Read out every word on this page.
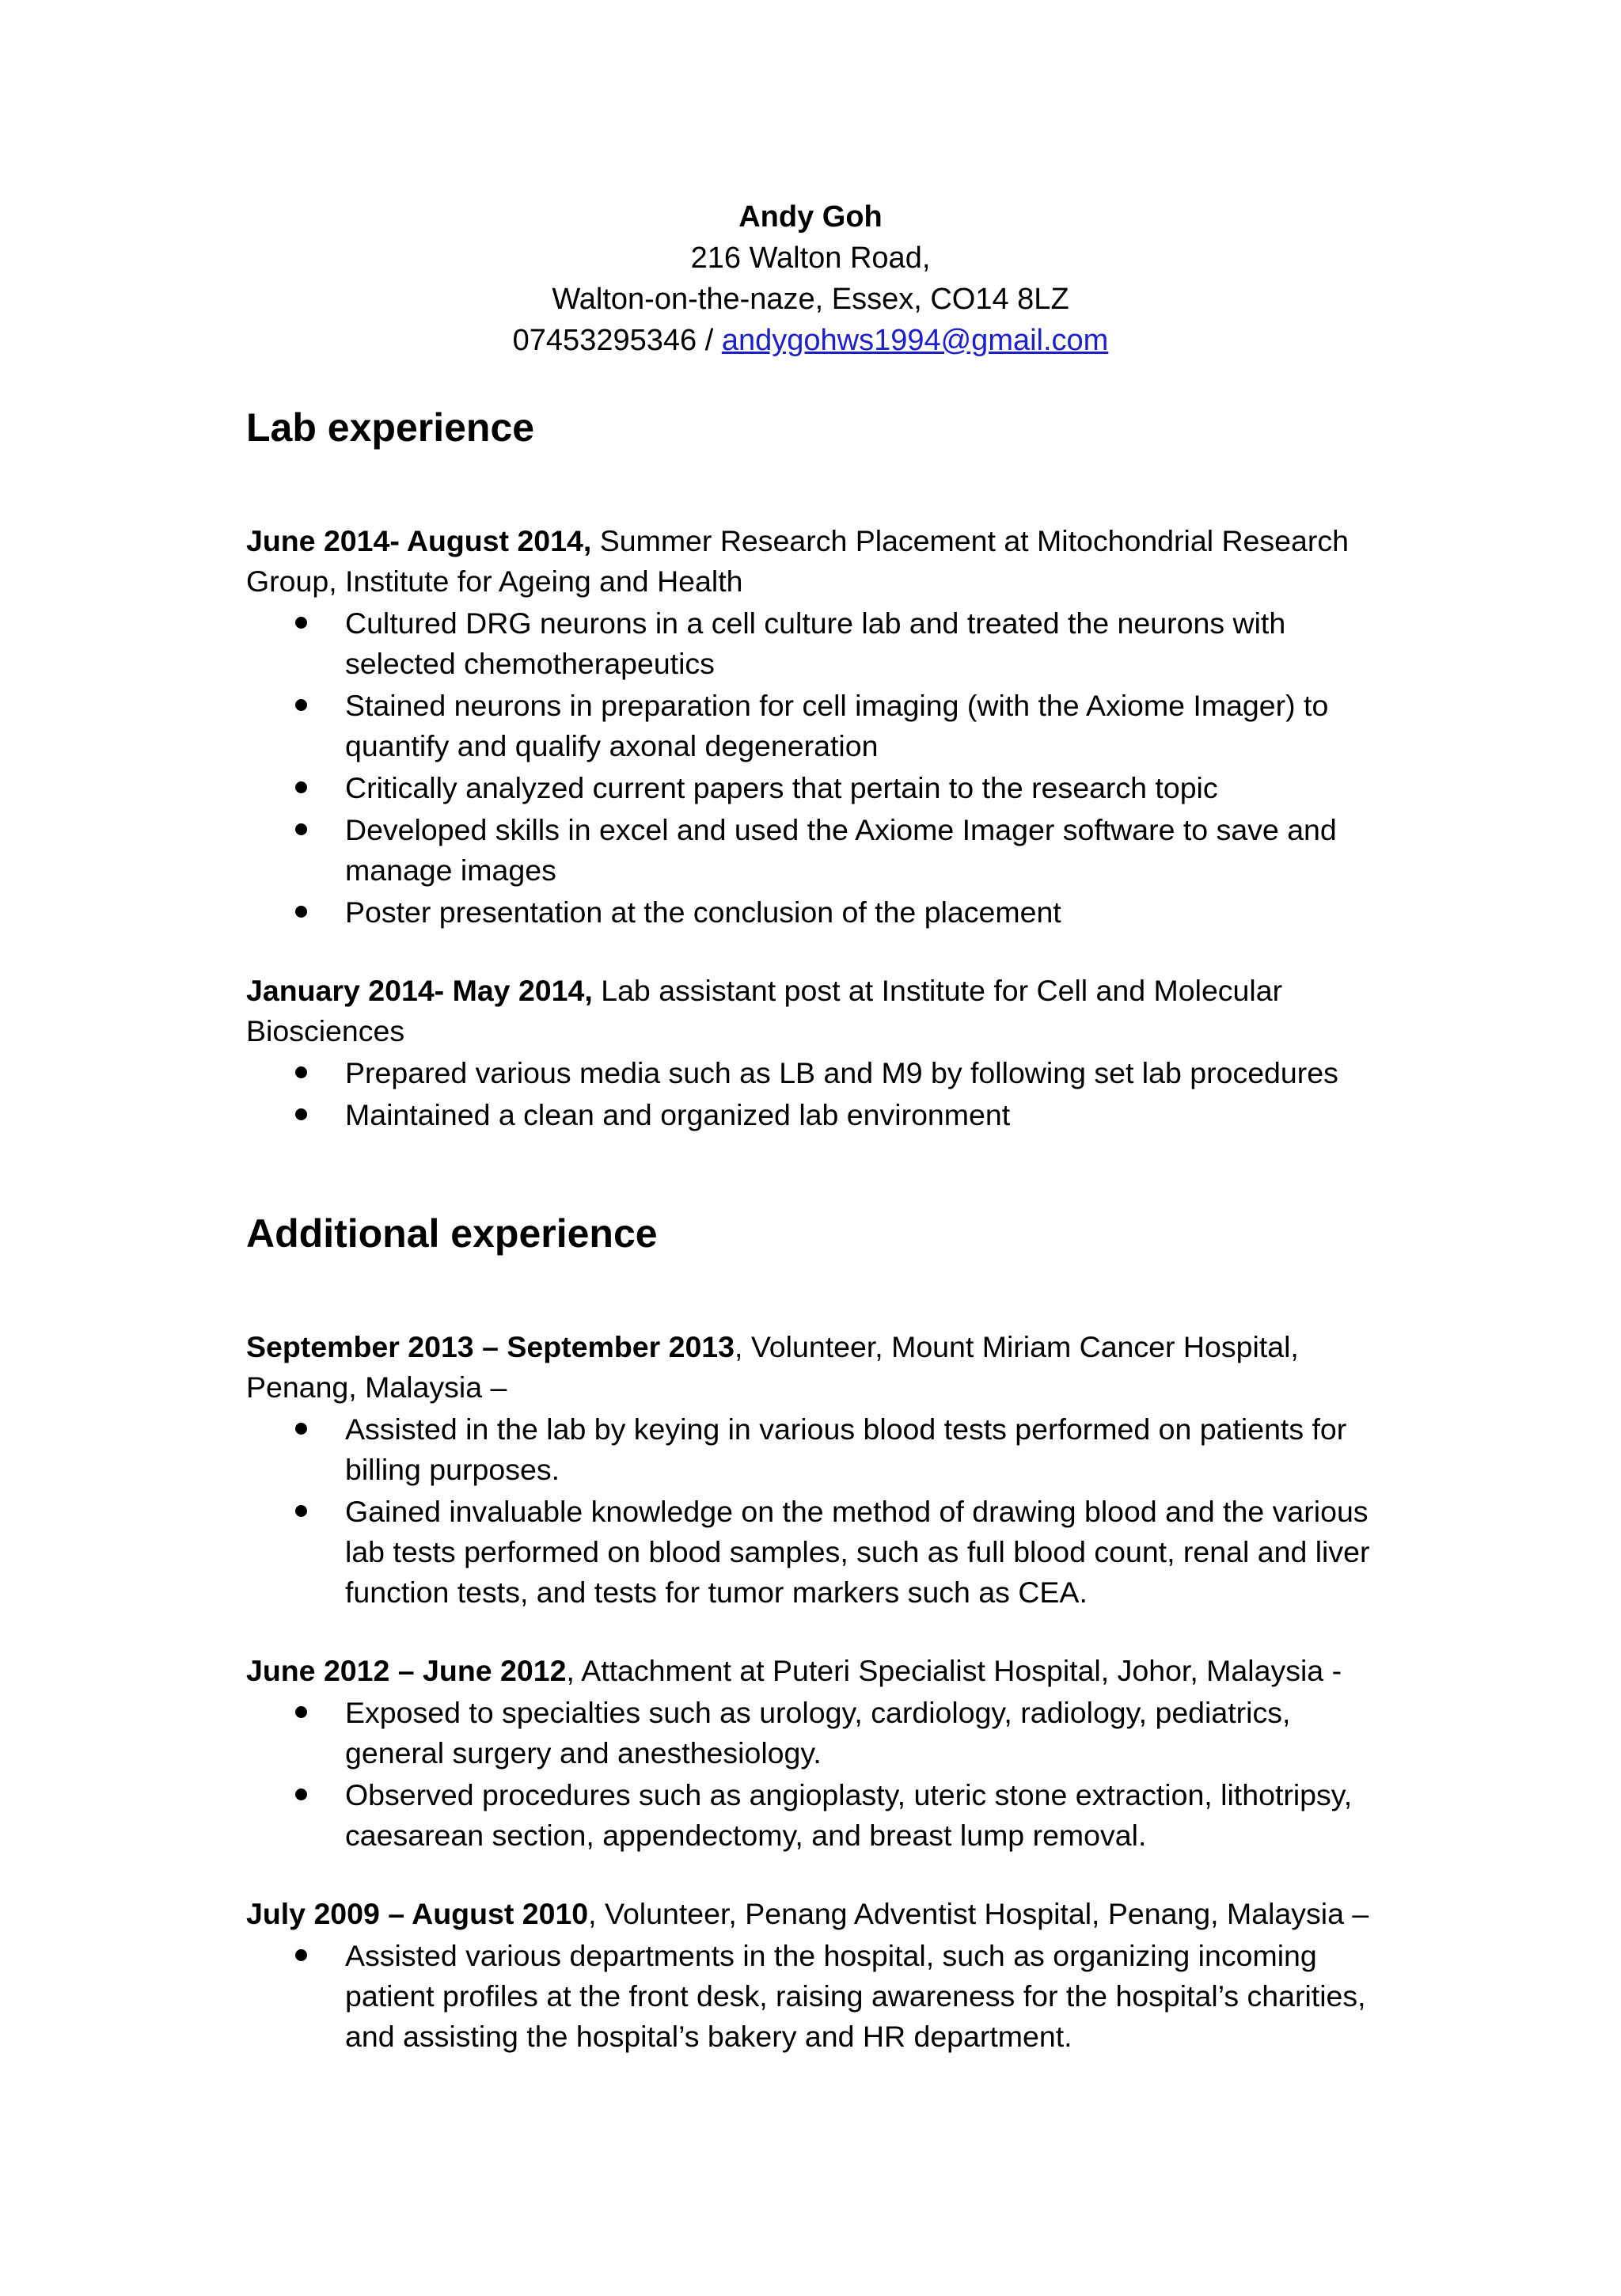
Andy Goh
216 Walton Road,
Walton-on-the-naze, Essex, CO14 8LZ
07453295346 / andygohws1994@gmail.com
Lab experience

June 2014- August 2014, Summer Research Placement at Mitochondrial Research Group, Institute for Ageing and Health

Cultured DRG neurons in a cell culture lab and treated the neurons with selected chemotherapeutics
Stained neurons in preparation for cell imaging (with the Axiome Imager) to quantify and qualify axonal degeneration
Critically analyzed current papers that pertain to the research topic
Developed skills in excel and used the Axiome Imager software to save and manage images
Poster presentation at the conclusion of the placement

January 2014- May 2014, Lab assistant post at Institute for Cell and Molecular Biosciences

Prepared various media such as LB and M9 by following set lab procedures
Maintained a clean and organized lab environment
Additional experience

September 2013 – September 2013, Volunteer, Mount Miriam Cancer Hospital, Penang, Malaysia –

Assisted in the lab by keying in various blood tests performed on patients for billing purposes.
Gained invaluable knowledge on the method of drawing blood and the various lab tests performed on blood samples, such as full blood count, renal and liver function tests, and tests for tumor markers such as CEA.

June 2012 – June 2012, Attachment at Puteri Specialist Hospital, Johor, Malaysia -

Exposed to specialties such as urology, cardiology, radiology, pediatrics, general surgery and anesthesiology.
Observed procedures such as angioplasty, uteric stone extraction, lithotripsy, caesarean section, appendectomy, and breast lump removal.

July 2009 – August 2010, Volunteer, Penang Adventist Hospital, Penang, Malaysia –

Assisted various departments in the hospital, such as organizing incoming patient profiles at the front desk, raising awareness for the hospital’s charities, and assisting the hospital’s bakery and HR department.
